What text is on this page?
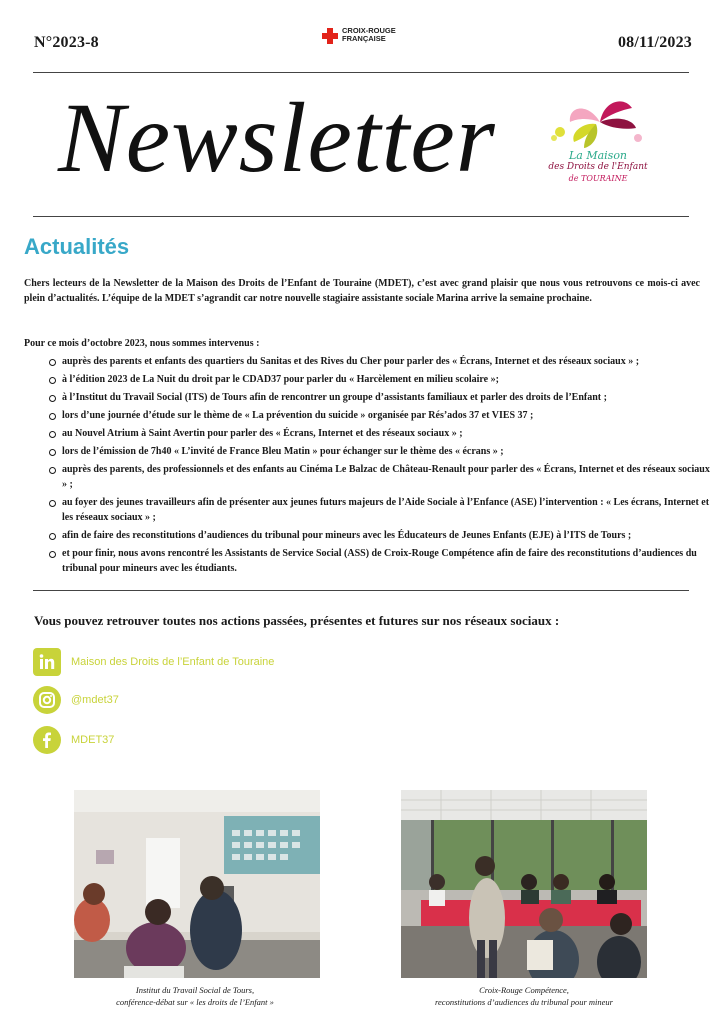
N°2023-8
CROIX-ROUGE
FRANÇAISE	08/11/2023
Newsletter	La Maison
des Droits de l'Enfant
de TOURAINE
Actualités
Chers lecteurs de la Newsletter de la Maison des Droits de l’Enfant de Touraine (MDET), c’est avec grand plaisir que nous vous retrouvons ce mois-ci avec plein d’actualités. L’équipe de la MDET s’agrandit car notre nouvelle stagiaire assistante sociale Marina arrive la semaine prochaine.
Pour ce mois d’octobre 2023, nous sommes intervenus :
auprès des parents et enfants des quartiers du Sanitas et des Rives du Cher pour parler des « Écrans, Internet et des réseaux sociaux » ;
à l’édition 2023 de La Nuit du droit par le CDAD37 pour parler du « Harcèlement en milieu scolaire »;
à l’Institut du Travail Social (ITS) de Tours afin de rencontrer un groupe d’assistants familiaux et parler des droits de l’Enfant ;
lors d’une journée d’étude sur le thème de « La prévention du suicide » organisée par Rés’ados 37 et VIES 37 ;
au Nouvel Atrium à Saint Avertin pour parler des « Écrans, Internet et des réseaux sociaux » ;
lors de l’émission de 7h40 « L’invité de France Bleu Matin » pour échanger sur le thème des « écrans » ;
auprès des parents, des professionnels et des enfants au Cinéma Le Balzac de Château-Renault pour parler des « Écrans, Internet et des réseaux sociaux » ;
au foyer des jeunes travailleurs afin de présenter aux jeunes futurs majeurs de l’Aide Sociale à l’Enfance (ASE) l’intervention : « Les écrans, Internet et les réseaux sociaux » ;
afin de faire des reconstitutions d’audiences du tribunal pour mineurs avec les Éducateurs de Jeunes Enfants (EJE) à l’ITS de Tours ;
et pour finir, nous avons rencontré les Assistants de Service Social (ASS) de Croix-Rouge Compétence afin de faire des reconstitutions d’audiences du tribunal pour mineurs avec les étudiants.
Vous pouvez retrouver toutes nos actions passées, présentes et futures sur nos réseaux sociaux :
Maison des Droits de l’Enfant de Touraine
@mdet37
MDET37
Institut du Travail Social de Tours,
conférence-débat sur « les droits de l’Enfant »
Croix-Rouge Compétence,
reconstitutions d’audiences du tribunal pour mineur
